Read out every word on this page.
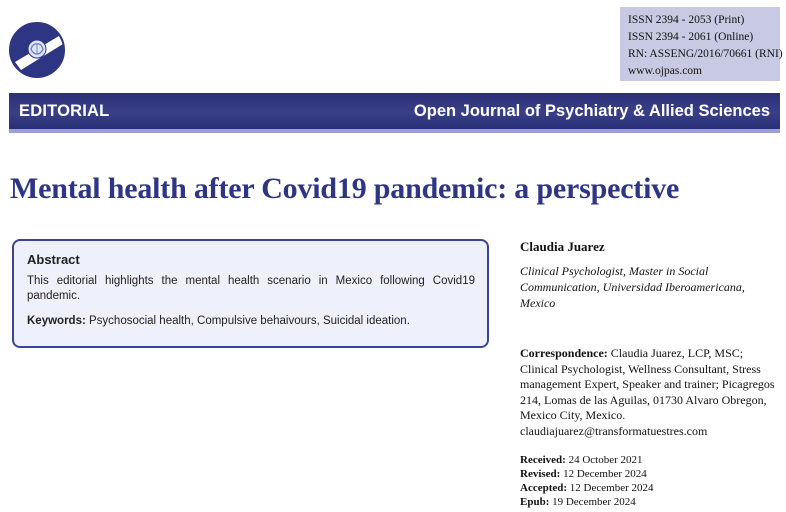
ISSN 2394 - 2053 (Print)
ISSN 2394 - 2061 (Online)
RN: ASSENG/2016/70661 (RNI)
www.ojpas.com
EDITORIAL	Open Journal of Psychiatry & Allied Sciences
Mental health after Covid19 pandemic: a perspective
Abstract
This editorial highlights the mental health scenario in Mexico following Covid19 pandemic.
Keywords: Psychosocial health, Compulsive behaivours, Suicidal ideation.
Claudia Juarez
Clinical Psychologist, Master in Social Communication, Universidad Iberoamericana, Mexico
Correspondence: Claudia Juarez, LCP, MSC; Clinical Psychologist, Wellness Consultant, Stress management Expert, Speaker and trainer; Picagregos 214, Lomas de las Aguilas, 01730 Alvaro Obregon, Mexico City, Mexico. claudiajuarez@transformatuestres.com
Received: 24 October 2021
Revised: 12 December 2024
Accepted: 12 December 2024
Epub: 19 December 2024
